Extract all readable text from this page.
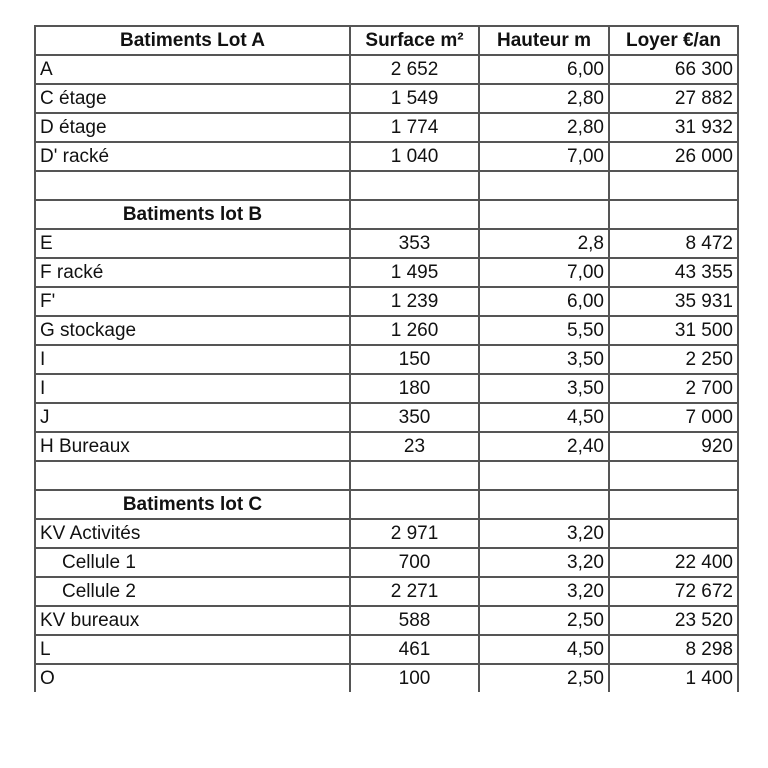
Batiments Lot A	Surface m²	Hauteur m	Loyer €/an
A	2 652	6,00	66 300
C étage	1 549	2,80	27 882
D étage	1 774	2,80	31 932
D' racké	1 040	7,00	26 000

Batiments lot B			
E	353	2,8	8 472
F racké	1 495	7,00	43 355
F'	1 239	6,00	35 931
G stockage	1 260	5,50	31 500
I	150	3,50	2 250
I	180	3,50	2 700
J	350	4,50	7 000
H Bureaux	23	2,40	920

Batiments lot C			
KV Activités	2 971	3,20	
Cellule 1	700	3,20	22 400
Cellule 2	2 271	3,20	72 672
KV bureaux	588	2,50	23 520
L	461	4,50	8 298
O	100	2,50	1 400
